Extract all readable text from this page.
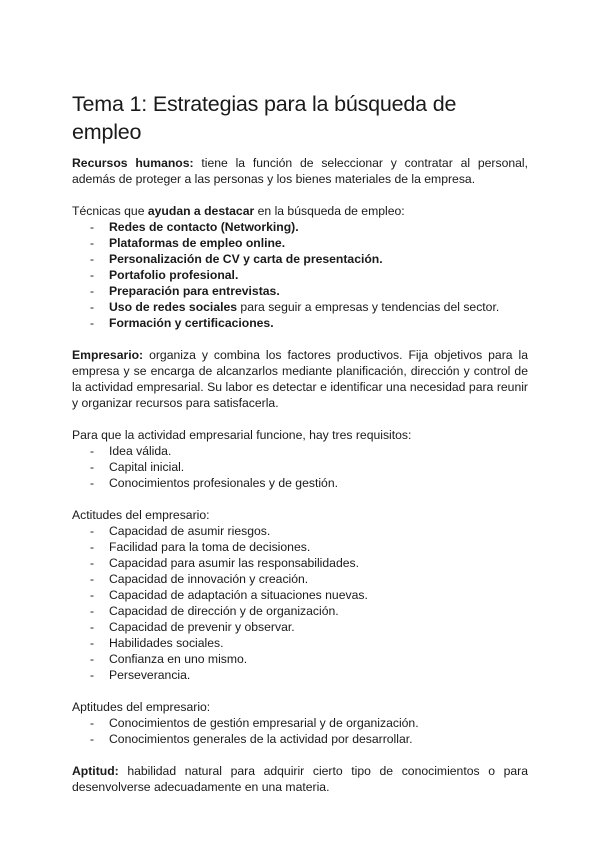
Tema 1: Estrategias para la búsqueda de empleo

Recursos humanos: tiene la función de seleccionar y contratar al personal, además de proteger a las personas y los bienes materiales de la empresa.

Técnicas que ayudan a destacar en la búsqueda de empleo:

- Redes de contacto (Networking).
- Plataformas de empleo online.
- Personalización de CV y carta de presentación.
- Portafolio profesional.
- Preparación para entrevistas.
- Uso de redes sociales para seguir a empresas y tendencias del sector.
- Formación y certificaciones.

Empresario: organiza y combina los factores productivos. Fija objetivos para la empresa y se encarga de alcanzarlos mediante planificación, dirección y control de la actividad empresarial. Su labor es detectar e identificar una necesidad para reunir y organizar recursos para satisfacerla.

Para que la actividad empresarial funcione, hay tres requisitos:

- Idea válida.
- Capital inicial.
- Conocimientos profesionales y de gestión.

Actitudes del empresario:

- Capacidad de asumir riesgos.
- Facilidad para la toma de decisiones.
- Capacidad para asumir las responsabilidades.
- Capacidad de innovación y creación.
- Capacidad de adaptación a situaciones nuevas.
- Capacidad de dirección y de organización.
- Capacidad de prevenir y observar.
- Habilidades sociales.
- Confianza en uno mismo.
- Perseverancia.

Aptitudes del empresario:

- Conocimientos de gestión empresarial y de organización.
- Conocimientos generales de la actividad por desarrollar.

Aptitud: habilidad natural para adquirir cierto tipo de conocimientos o para desenvolverse adecuadamente en una materia.
